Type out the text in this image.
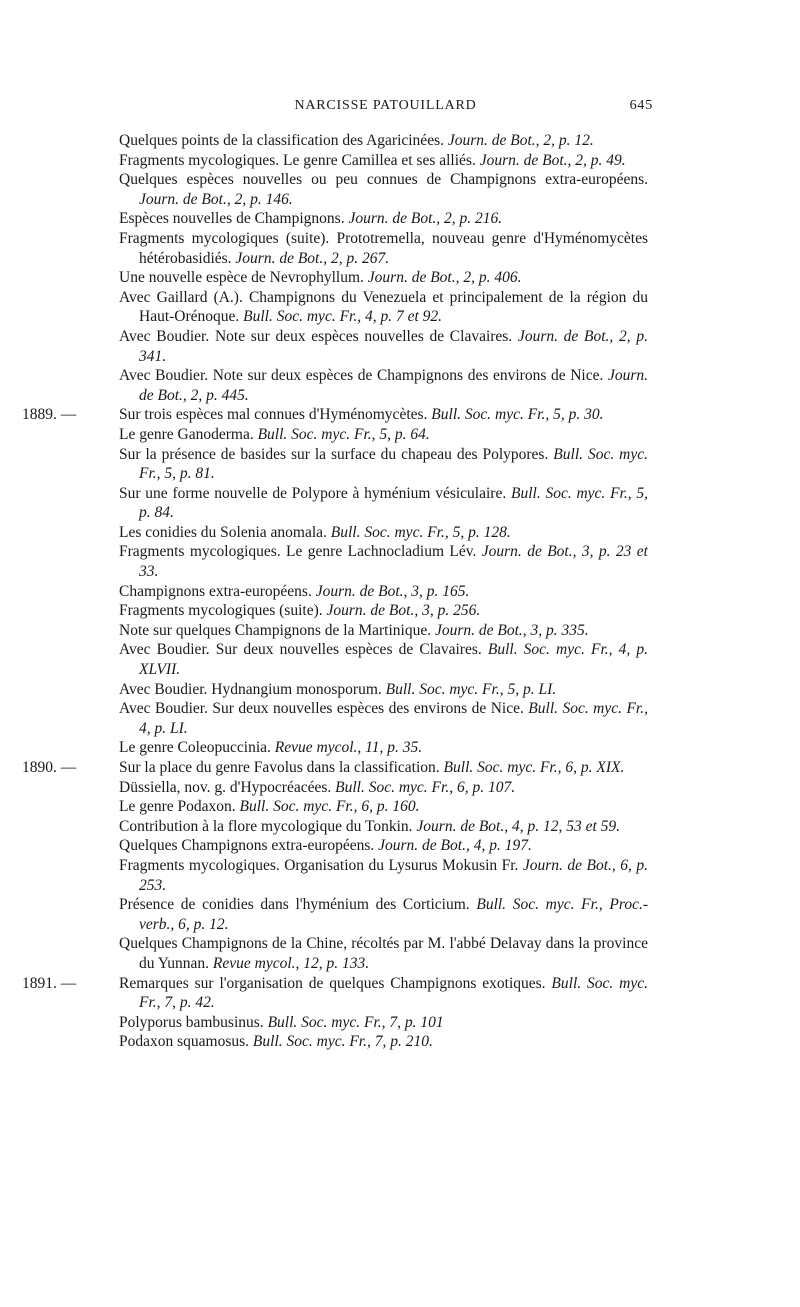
NARCISSE PATOUILLARD	645
Quelques points de la classification des Agaricinées. Journ. de Bot., 2, p. 12.
Fragments mycologiques. Le genre Camillea et ses alliés. Journ. de Bot., 2, p. 49.
Quelques espèces nouvelles ou peu connues de Champignons extra-européens. Journ. de Bot., 2, p. 146.
Espèces nouvelles de Champignons. Journ. de Bot., 2, p. 216.
Fragments mycologiques (suite). Prototremella, nouveau genre d'Hyménomycètes hétérobasidiés. Journ. de Bot., 2, p. 267.
Une nouvelle espèce de Nevrophyllum. Journ. de Bot., 2, p. 406.
Avec Gaillard (A.). Champignons du Venezuela et principalement de la région du Haut-Orénoque. Bull. Soc. myc. Fr., 4, p. 7 et 92.
Avec Boudier. Note sur deux espèces nouvelles de Clavaires. Journ. de Bot., 2, p. 341.
Avec Boudier. Note sur deux espèces de Champignons des environs de Nice. Journ. de Bot., 2, p. 445.
1889. —	Sur trois espèces mal connues d'Hyménomycètes. Bull. Soc. myc. Fr., 5, p. 30.
Le genre Ganoderma. Bull. Soc. myc. Fr., 5, p. 64.
Sur la présence de basides sur la surface du chapeau des Polypores. Bull. Soc. myc. Fr., 5, p. 81.
Sur une forme nouvelle de Polypore à hyménium vésiculaire. Bull. Soc. myc. Fr., 5, p. 84.
Les conidies du Solenia anomala. Bull. Soc. myc. Fr., 5, p. 128.
Fragments mycologiques. Le genre Lachnocladium Lév. Journ. de Bot., 3, p. 23 et 33.
Champignons extra-européens. Journ. de Bot., 3, p. 165.
Fragments mycologiques (suite). Journ. de Bot., 3, p. 256.
Note sur quelques Champignons de la Martinique. Journ. de Bot., 3, p. 335.
Avec Boudier. Sur deux nouvelles espèces de Clavaires. Bull. Soc. myc. Fr., 4, p. XLVII.
Avec Boudier. Hydnangium monosporum. Bull. Soc. myc. Fr., 5, p. LI.
Avec Boudier. Sur deux nouvelles espèces des environs de Nice. Bull. Soc. myc. Fr., 4, p. LI.
Le genre Coleopuccinia. Revue mycol., 11, p. 35.
1890. —	Sur la place du genre Favolus dans la classification. Bull. Soc. myc. Fr., 6, p. XIX.
Düssiella, nov. g. d'Hypocréacées. Bull. Soc. myc. Fr., 6, p. 107.
Le genre Podaxon. Bull. Soc. myc. Fr., 6, p. 160.
Contribution à la flore mycologique du Tonkin. Journ. de Bot., 4, p. 12, 53 et 59.
Quelques Champignons extra-européens. Journ. de Bot., 4, p. 197.
Fragments mycologiques. Organisation du Lysurus Mokusin Fr. Journ. de Bot., 6, p. 253.
Présence de conidies dans l'hyménium des Corticium. Bull. Soc. myc. Fr., Proc.-verb., 6, p. 12.
Quelques Champignons de la Chine, récoltés par M. l'abbé Delavay dans la province du Yunnan. Revue mycol., 12, p. 133.
1891. —	Remarques sur l'organisation de quelques Champignons exotiques. Bull. Soc. myc. Fr., 7, p. 42.
Polyporus bambusinus. Bull. Soc. myc. Fr., 7, p. 101
Podaxon squamosus. Bull. Soc. myc. Fr., 7, p. 210.
